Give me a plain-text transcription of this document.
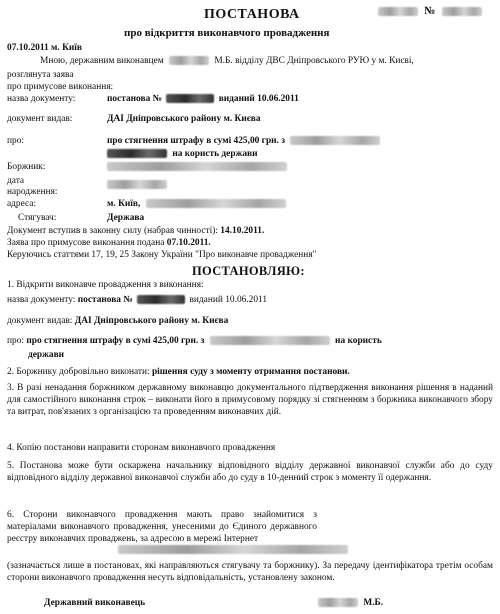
ПОСТАНОВА	№
про відкриття виконавчого провадження
07.10.2011 м. Київ
Мною, державним виконавцем	М.Б. відділу ДВС Дніпровського РУЮ у м. Києві,
розглянута заява
про примусове виконання:
назва документу:	постанова №	виданий 10.06.2011
документ видав:	ДАІ Дніпровського району м. Києва
про:	про стягнення штрафу в сумі 425,00 грн. з
на користь держави
Боржник:
дата народження:
адреса:	м. Київ,
Стягувач:	Держава
Документ вступив в законну силу (набрав чинності): 14.10.2011.
Заява про примусове виконання подана 07.10.2011.
Керуючись статтями 17, 19, 25 Закону України "Про виконавче провадження"
ПОСТАНОВЛЯЮ:
1. Відкрити виконавче провадження з виконання:
назва документу: постанова №	виданий 10.06.2011
документ видав: ДАІ Дніпровського району м. Києва
про: про стягнення штрафу в сумі 425,00 грн. з	на користь
держави
2. Боржнику добровільно виконати: рішення суду з моменту отримання постанови.
3. В разі ненадання боржником державному виконавцю документального підтвердження виконання рішення в наданий для самостійного виконання строк – виконати його в примусовому порядку зі стягненням з боржника виконавчого збору та витрат, пов'язаних з організацією та проведенням виконавчих дій.
4. Копію постанови направити сторонам виконавчого провадження
5. Постанова може бути оскаржена начальнику відповідного відділу державної виконавчої служби або до суду відповідного відділу державної виконавчої служби або до суду в 10-денний строк з моменту її одержання.
6. Сторони виконавчого провадження мають право знайомитися з матеріалами виконавчого провадження, унесеними до Єдиного державного реєстру виконавчих проваджень, за адресою в мережі Інтернет
(зазначається лише в постановах, які направляються стягувачу та боржнику). За передачу ідентифікатора третім особам сторони виконавчого провадження несуть відповідальність, установлену законом.
Державний виконавець	М.Б.
